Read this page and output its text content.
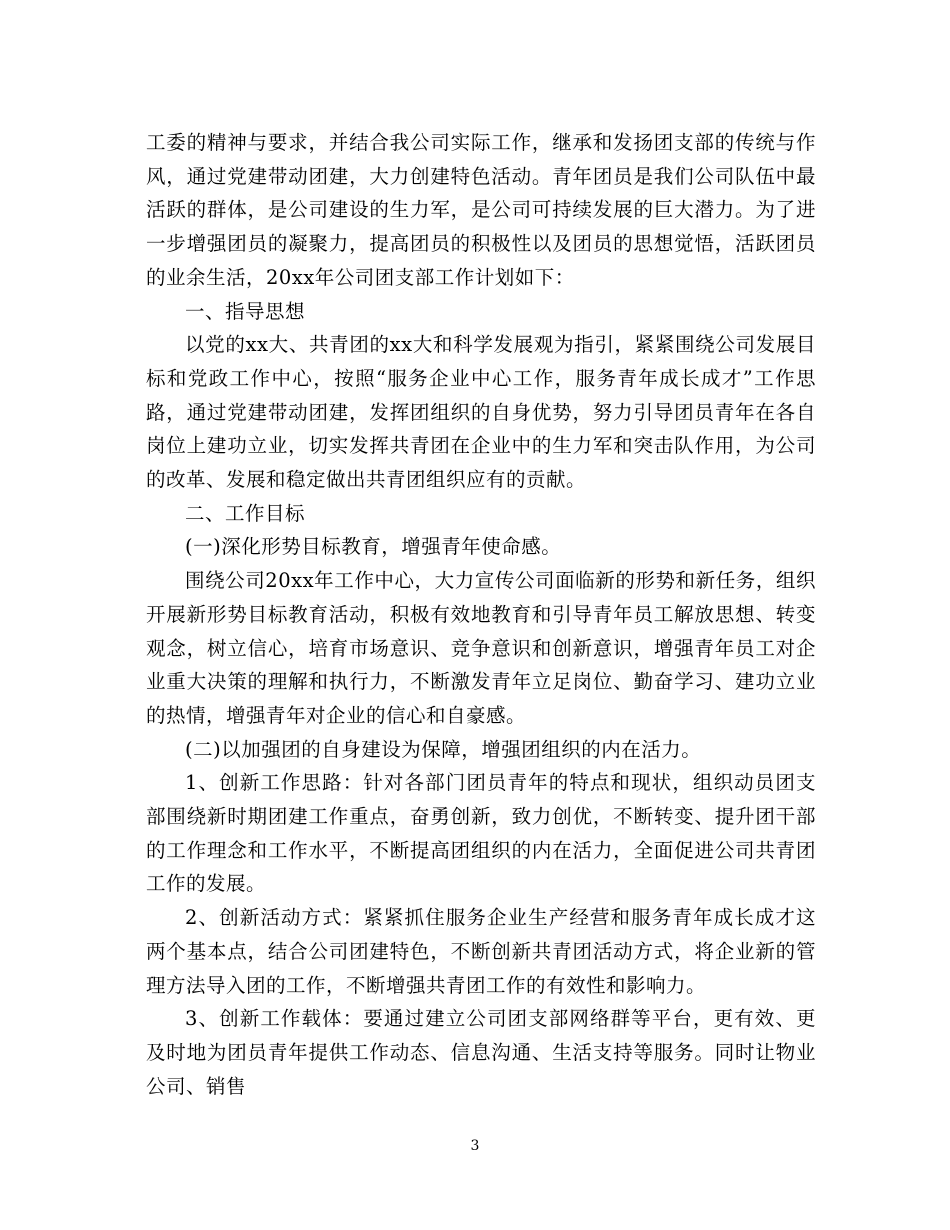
工委的精神与要求，并结合我公司实际工作，继承和发扬团支部的传统与作风，通过党建带动团建，大力创建特色活动。青年团员是我们公司队伍中最活跃的群体，是公司建设的生力军，是公司可持续发展的巨大潜力。为了进一步增强团员的凝聚力，提高团员的积极性以及团员的思想觉悟，活跃团员的业余生活，20xx年公司团支部工作计划如下：

一、指导思想

以党的xx大、共青团的xx大和科学发展观为指引，紧紧围绕公司发展目标和党政工作中心，按照“服务企业中心工作，服务青年成长成才”工作思路，通过党建带动团建，发挥团组织的自身优势，努力引导团员青年在各自岗位上建功立业，切实发挥共青团在企业中的生力军和突击队作用，为公司的改革、发展和稳定做出共青团组织应有的贡献。

二、工作目标

(一)深化形势目标教育，增强青年使命感。

围绕公司20xx年工作中心，大力宣传公司面临新的形势和新任务，组织开展新形势目标教育活动，积极有效地教育和引导青年员工解放思想、转变观念，树立信心，培育市场意识、竞争意识和创新意识，增强青年员工对企业重大决策的理解和执行力，不断激发青年立足岗位、勤奋学习、建功立业的热情，增强青年对企业的信心和自豪感。

(二)以加强团的自身建设为保障，增强团组织的内在活力。

1、创新工作思路：针对各部门团员青年的特点和现状，组织动员团支部围绕新时期团建工作重点，奋勇创新，致力创优，不断转变、提升团干部的工作理念和工作水平，不断提高团组织的内在活力，全面促进公司共青团工作的发展。

2、创新活动方式：紧紧抓住服务企业生产经营和服务青年成长成才这两个基本点，结合公司团建特色，不断创新共青团活动方式，将企业新的管理方法导入团的工作，不断增强共青团工作的有效性和影响力。

3、创新工作载体：要通过建立公司团支部网络群等平台，更有效、更及时地为团员青年提供工作动态、信息沟通、生活支持等服务。同时让物业公司、销售

3
